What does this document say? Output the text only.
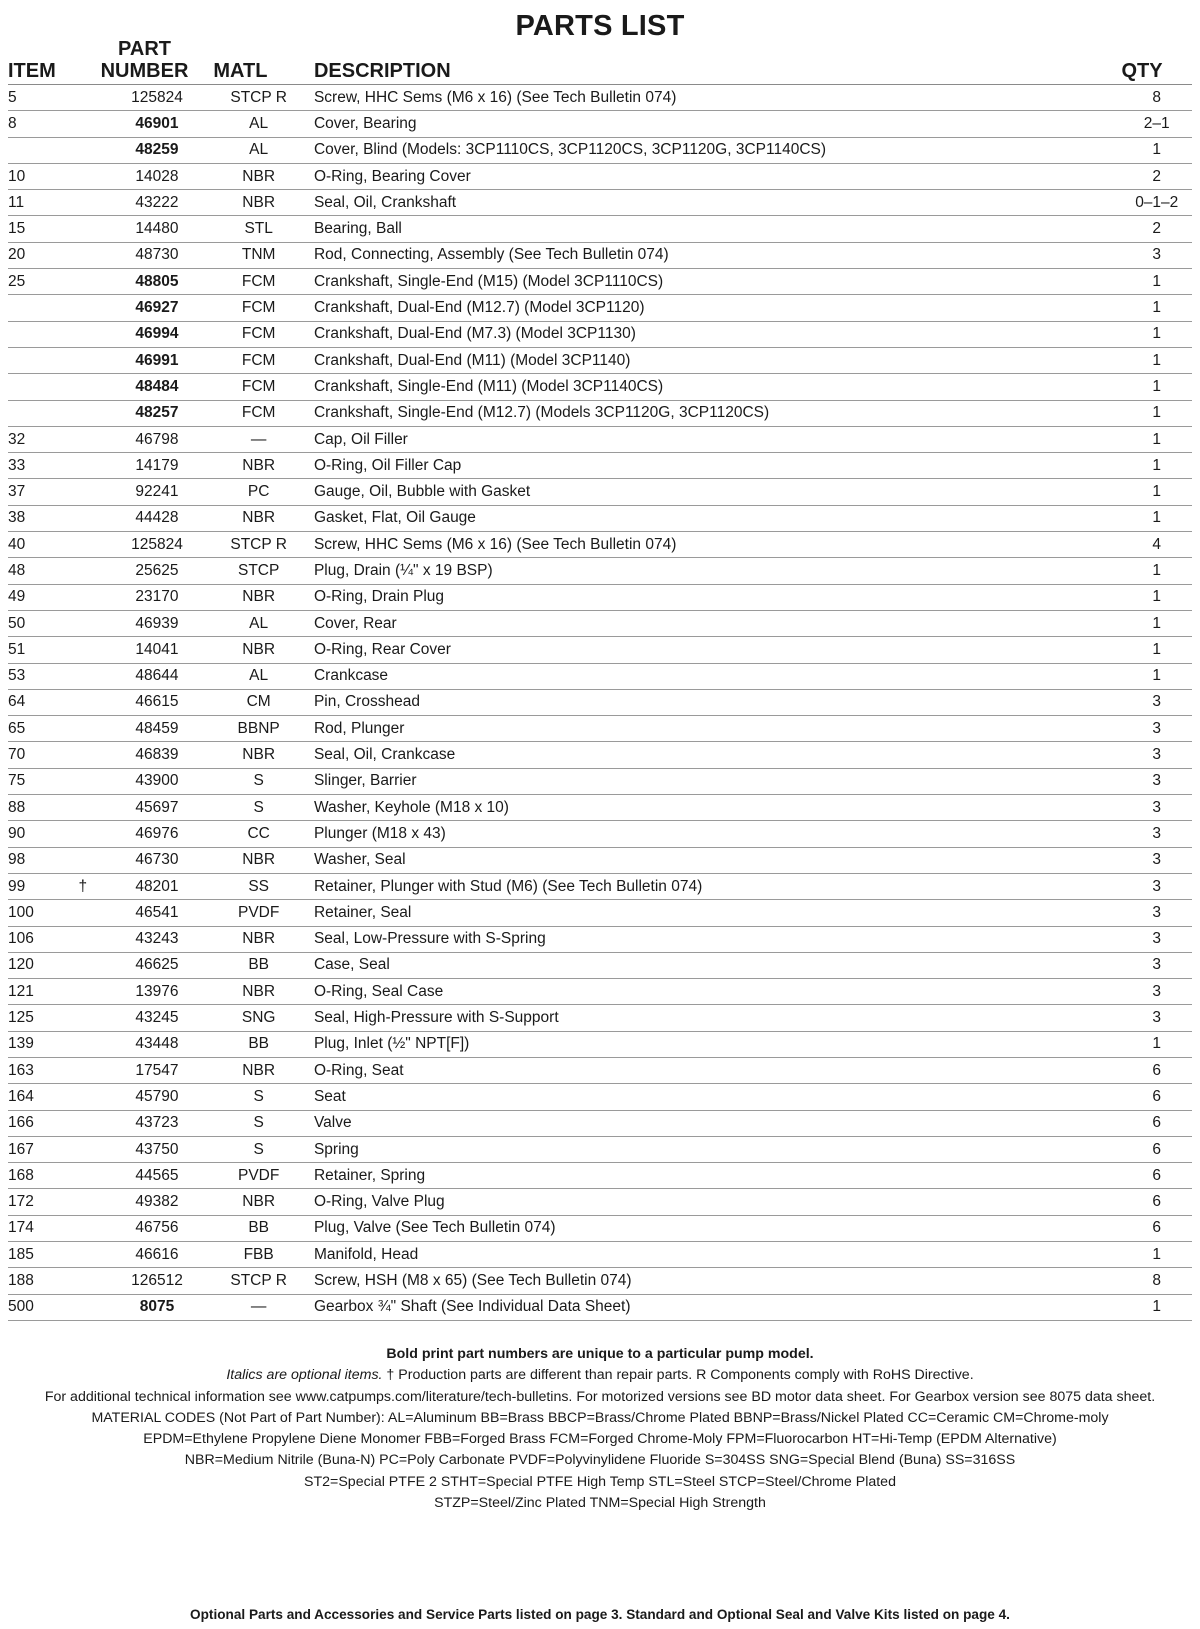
PARTS LIST
ITEM		PART
NUMBER	MATL	DESCRIPTION	QTY
5		125824	STCP R	Screw, HHC Sems (M6 x 16) (See Tech Bulletin 074)	8
8		46901	AL	Cover, Bearing	2–1
		48259	AL	Cover, Blind (Models: 3CP1110CS, 3CP1120CS, 3CP1120G, 3CP1140CS)	1
10		14028	NBR	O-Ring, Bearing Cover	2
11		43222	NBR	Seal, Oil, Crankshaft	0–1–2
15		14480	STL	Bearing, Ball	2
20		48730	TNM	Rod, Connecting, Assembly (See Tech Bulletin 074)	3
25		48805	FCM	Crankshaft, Single-End (M15) (Model 3CP1110CS)	1
		46927	FCM	Crankshaft, Dual-End (M12.7) (Model 3CP1120)	1
		46994	FCM	Crankshaft, Dual-End (M7.3) (Model 3CP1130)	1
		46991	FCM	Crankshaft, Dual-End (M11) (Model 3CP1140)	1
		48484	FCM	Crankshaft, Single-End (M11) (Model 3CP1140CS)	1
		48257	FCM	Crankshaft, Single-End (M12.7) (Models 3CP1120G, 3CP1120CS)	1
32		46798	—	Cap, Oil Filler	1
33		14179	NBR	O-Ring, Oil Filler Cap	1
37		92241	PC	Gauge, Oil, Bubble with Gasket	1
38		44428	NBR	Gasket, Flat, Oil Gauge	1
40		125824	STCP R	Screw, HHC Sems (M6 x 16) (See Tech Bulletin 074)	4
48		25625	STCP	Plug, Drain (¼" x 19 BSP)	1
49		23170	NBR	O-Ring, Drain Plug	1
50		46939	AL	Cover, Rear	1
51		14041	NBR	O-Ring, Rear Cover	1
53		48644	AL	Crankcase	1
64		46615	CM	Pin, Crosshead	3
65		48459	BBNP	Rod, Plunger	3
70		46839	NBR	Seal, Oil, Crankcase	3
75		43900	S	Slinger, Barrier	3
88		45697	S	Washer, Keyhole (M18 x 10)	3
90		46976	CC	Plunger (M18 x 43)	3
98		46730	NBR	Washer, Seal	3
99	†	48201	SS	Retainer, Plunger with Stud (M6) (See Tech Bulletin 074)	3
100		46541	PVDF	Retainer, Seal	3
106		43243	NBR	Seal, Low-Pressure with S-Spring	3
120		46625	BB	Case, Seal	3
121		13976	NBR	O-Ring, Seal Case	3
125		43245	SNG	Seal, High-Pressure with S-Support	3
139		43448	BB	Plug, Inlet (½" NPT[F])	1
163		17547	NBR	O-Ring, Seat	6
164		45790	S	Seat	6
166		43723	S	Valve	6
167		43750	S	Spring	6
168		44565	PVDF	Retainer, Spring	6
172		49382	NBR	O-Ring, Valve Plug	6
174		46756	BB	Plug, Valve (See Tech Bulletin 074)	6
185		46616	FBB	Manifold, Head	1
188		126512	STCP R	Screw, HSH (M8 x 65) (See Tech Bulletin 074)	8
500		8075	—	Gearbox ¾" Shaft (See Individual Data Sheet)	1

Bold print part numbers are unique to a particular pump model.

Italics are optional items. † Production parts are different than repair parts. R Components comply with RoHS Directive.

For additional technical information see www.catpumps.com/literature/tech-bulletins. For motorized versions see BD motor data sheet. For Gearbox version see 8075 data sheet.

MATERIAL CODES (Not Part of Part Number): AL=Aluminum BB=Brass BBCP=Brass/Chrome Plated BBNP=Brass/Nickel Plated CC=Ceramic CM=Chrome-moly

EPDM=Ethylene Propylene Diene Monomer FBB=Forged Brass FCM=Forged Chrome-Moly FPM=Fluorocarbon HT=Hi-Temp (EPDM Alternative)

NBR=Medium Nitrile (Buna-N) PC=Poly Carbonate PVDF=Polyvinylidene Fluoride S=304SS SNG=Special Blend (Buna) SS=316SS

ST2=Special PTFE 2 STHT=Special PTFE High Temp STL=Steel STCP=Steel/Chrome Plated

STZP=Steel/Zinc Plated TNM=Special High Strength

Optional Parts and Accessories and Service Parts listed on page 3. Standard and Optional Seal and Valve Kits listed on page 4.
